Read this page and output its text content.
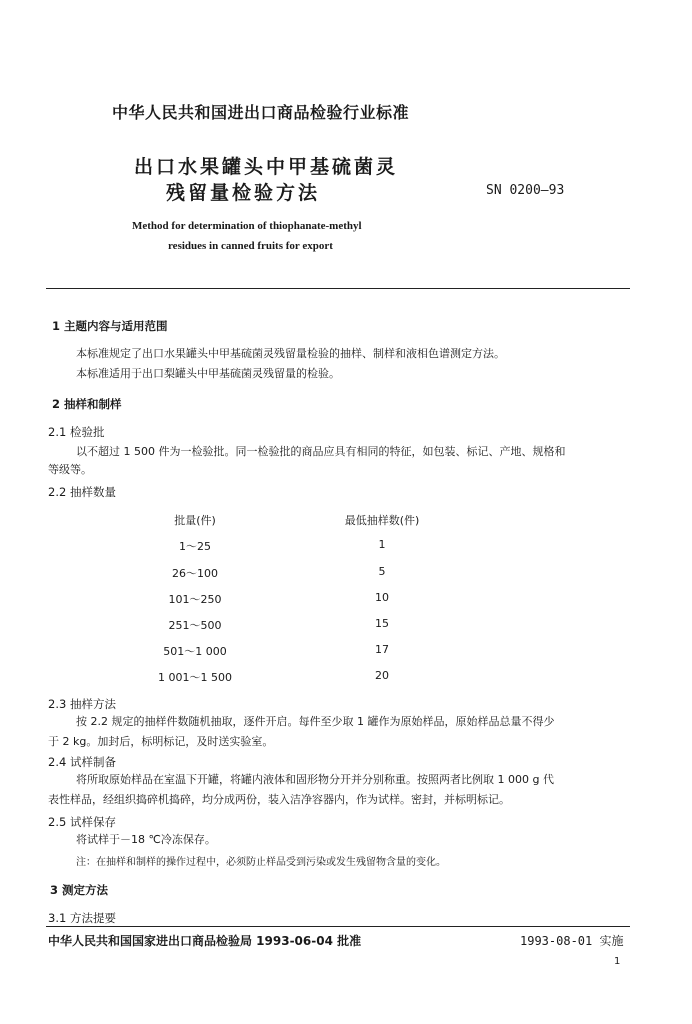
中华人民共和国进出口商品检验行业标准
出口水果罐头中甲基硫菌灵
残留量检验方法	SN 0200—93
Method for determination of thiophanate-methyl
residues in canned fruits for export
1 主题内容与适用范围
本标准规定了出口水果罐头中甲基硫菌灵残留量检验的抽样、制样和液相色谱测定方法。
本标准适用于出口梨罐头中甲基硫菌灵残留量的检验。
2 抽样和制样
2.1 检验批
以不超过 1 500 件为一检验批。同一检验批的商品应具有相同的特征，如包装、标记、产地、规格和
等级等。
2.2 抽样数量
批量(件)	最低抽样数(件)
1～25	1
26～100	5
101～250	10
251～500	15
501～1 000	17
1 001～1 500	20
2.3 抽样方法
按 2.2 规定的抽样件数随机抽取，逐件开启。每件至少取 1 罐作为原始样品，原始样品总量不得少
于 2 kg。加封后，标明标记，及时送实验室。
2.4 试样制备
将所取原始样品在室温下开罐，将罐内液体和固形物分开并分别称重。按照两者比例取 1 000 g 代
表性样品，经组织捣碎机捣碎，均分成两份，装入洁净容器内，作为试样。密封，并标明标记。
2.5 试样保存
将试样于－18 ℃冷冻保存。
注：在抽样和制样的操作过程中，必须防止样品受到污染或发生残留物含量的变化。
3 测定方法
3.1 方法提要
中华人民共和国国家进出口商品检验局 1993-06-04 批准	1993-08-01 实施
1
